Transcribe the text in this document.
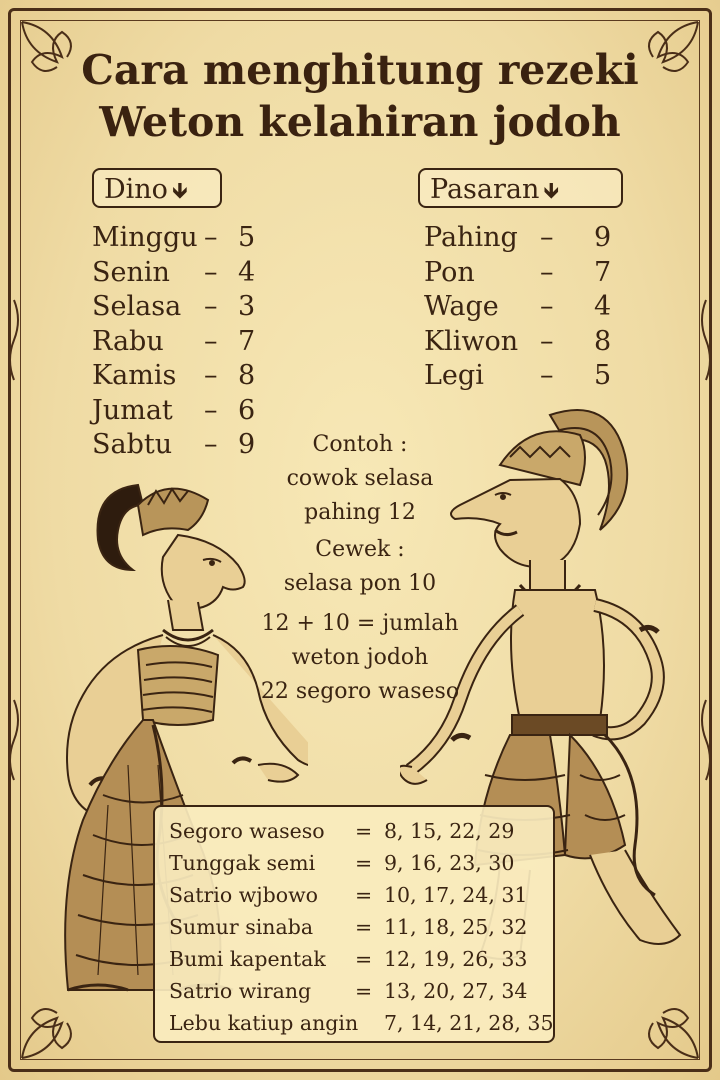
Cara menghitung rezeki
Weton kelahiran jodoh
Dino 🡻	Pasaran 🡻
Minggu – 5
Senin – 4
Selasa – 3
Rabu – 7
Kamis – 8
Jumat – 6
Sabtu – 9
Pahing – 9
Pon – 7
Wage – 4
Kliwon – 8
Legi – 5
Contoh :
cowok selasa
pahing 12
Cewek :
selasa pon 10
12 + 10 = jumlah
weton jodoh
22 segoro waseso
Segoro waseso = 8, 15, 22, 29
Tunggak semi = 9, 16, 23, 30
Satrio wjbowo = 10, 17, 24, 31
Sumur sinaba = 11, 18, 25, 32
Bumi kapentak = 12, 19, 26, 33
Satrio wirang = 13, 20, 27, 34
Lebu katiup angin 7, 14, 21, 28, 35
